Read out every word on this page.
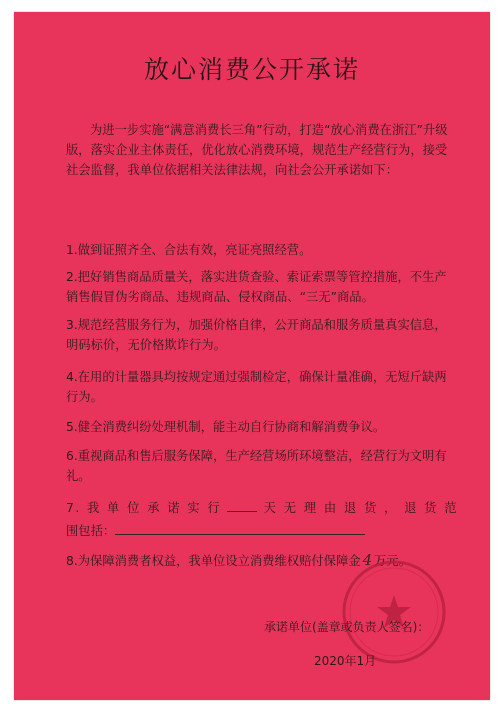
放心消费公开承诺
为进一步实施“满意消费长三角”行动，打造“放心消费在浙江”升级版，落实企业主体责任，优化放心消费环境，规范生产经营行为，接受社会监督，我单位依据相关法律法规，向社会公开承诺如下：
1.做到证照齐全、合法有效，亮证亮照经营。
2.把好销售商品质量关，落实进货查验、索证索票等管控措施，不生产销售假冒伪劣商品、违规商品、侵权商品、“三无”商品。
3.规范经营服务行为，加强价格自律，公开商品和服务质量真实信息，明码标价，无价格欺诈行为。
4.在用的计量器具均按规定通过强制检定，确保计量准确，无短斤缺两行为。
5.健全消费纠纷处理机制，能主动自行协商和解消费争议。
6.重视商品和售后服务保障，生产经营场所环境整洁，经营行为文明有礼。
7.我单位承诺实行 天无理由退货，退货范
围包括：
8.为保障消费者权益，我单位设立消费维权赔付保障金 4 万元。
承诺单位(盖章或负责人签名)：
2020年1月
